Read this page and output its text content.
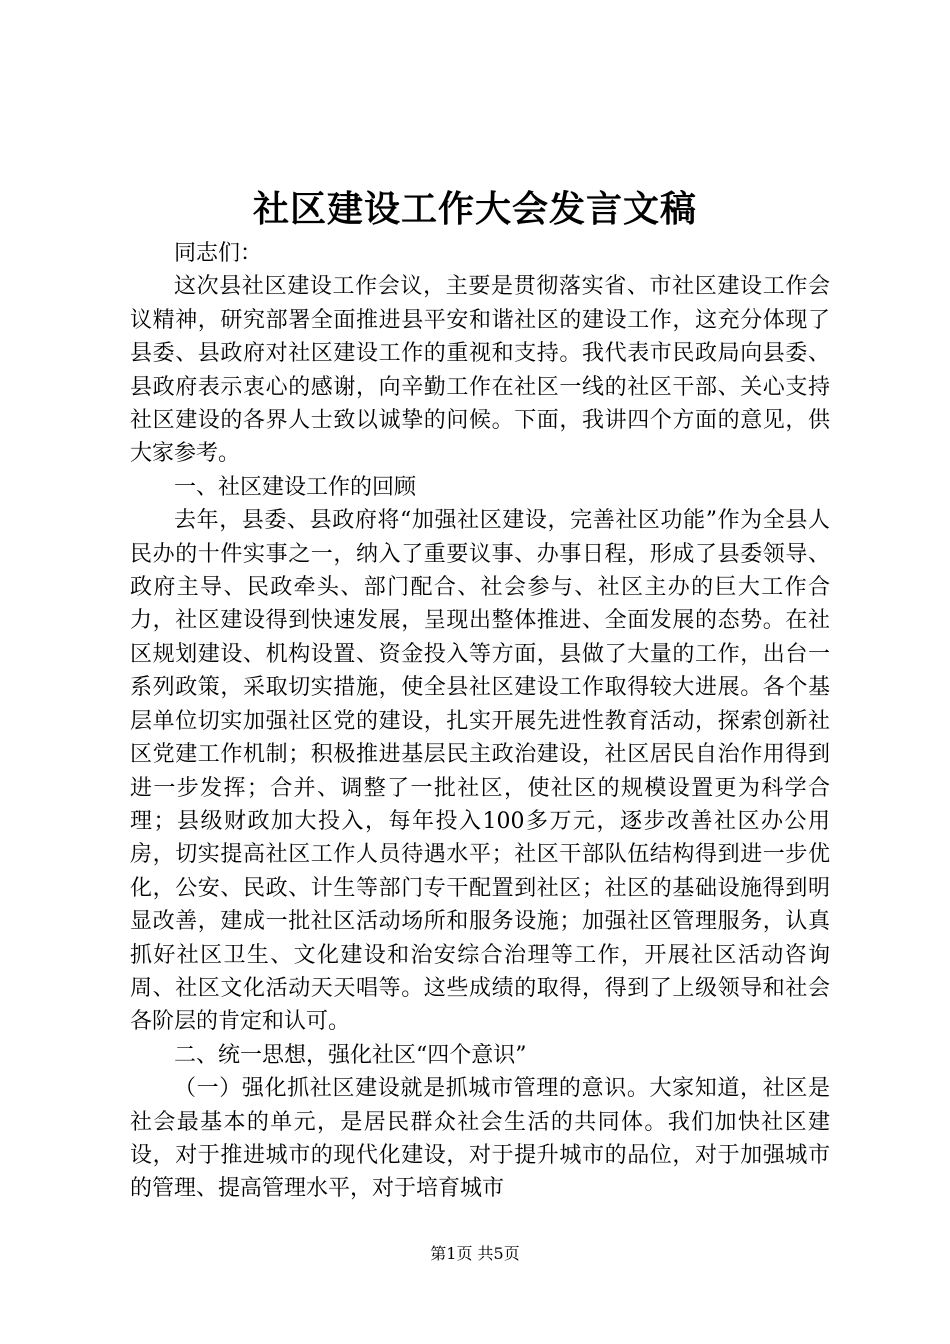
社区建设工作大会发言文稿

同志们：

这次县社区建设工作会议，主要是贯彻落实省、市社区建设工作会议精神，研究部署全面推进县平安和谐社区的建设工作，这充分体现了县委、县政府对社区建设工作的重视和支持。我代表市民政局向县委、县政府表示衷心的感谢，向辛勤工作在社区一线的社区干部、关心支持社区建设的各界人士致以诚挚的问候。下面，我讲四个方面的意见，供大家参考。

一、社区建设工作的回顾

去年，县委、县政府将“加强社区建设，完善社区功能”作为全县人民办的十件实事之一，纳入了重要议事、办事日程，形成了县委领导、政府主导、民政牵头、部门配合、社会参与、社区主办的巨大工作合力，社区建设得到快速发展，呈现出整体推进、全面发展的态势。在社区规划建设、机构设置、资金投入等方面，县做了大量的工作，出台一系列政策，采取切实措施，使全县社区建设工作取得较大进展。各个基层单位切实加强社区党的建设，扎实开展先进性教育活动，探索创新社区党建工作机制；积极推进基层民主政治建设，社区居民自治作用得到进一步发挥；合并、调整了一批社区，使社区的规模设置更为科学合理；县级财政加大投入，每年投入100多万元，逐步改善社区办公用房，切实提高社区工作人员待遇水平；社区干部队伍结构得到进一步优化，公安、民政、计生等部门专干配置到社区；社区的基础设施得到明显改善，建成一批社区活动场所和服务设施；加强社区管理服务，认真抓好社区卫生、文化建设和治安综合治理等工作，开展社区活动咨询周、社区文化活动天天唱等。这些成绩的取得，得到了上级领导和社会各阶层的肯定和认可。

二、统一思想，强化社区“四个意识”

（一）强化抓社区建设就是抓城市管理的意识。大家知道，社区是社会最基本的单元，是居民群众社会生活的共同体。我们加快社区建设，对于推进城市的现代化建设，对于提升城市的品位，对于加强城市的管理、提高管理水平，对于培育城市

第1页 共5页
